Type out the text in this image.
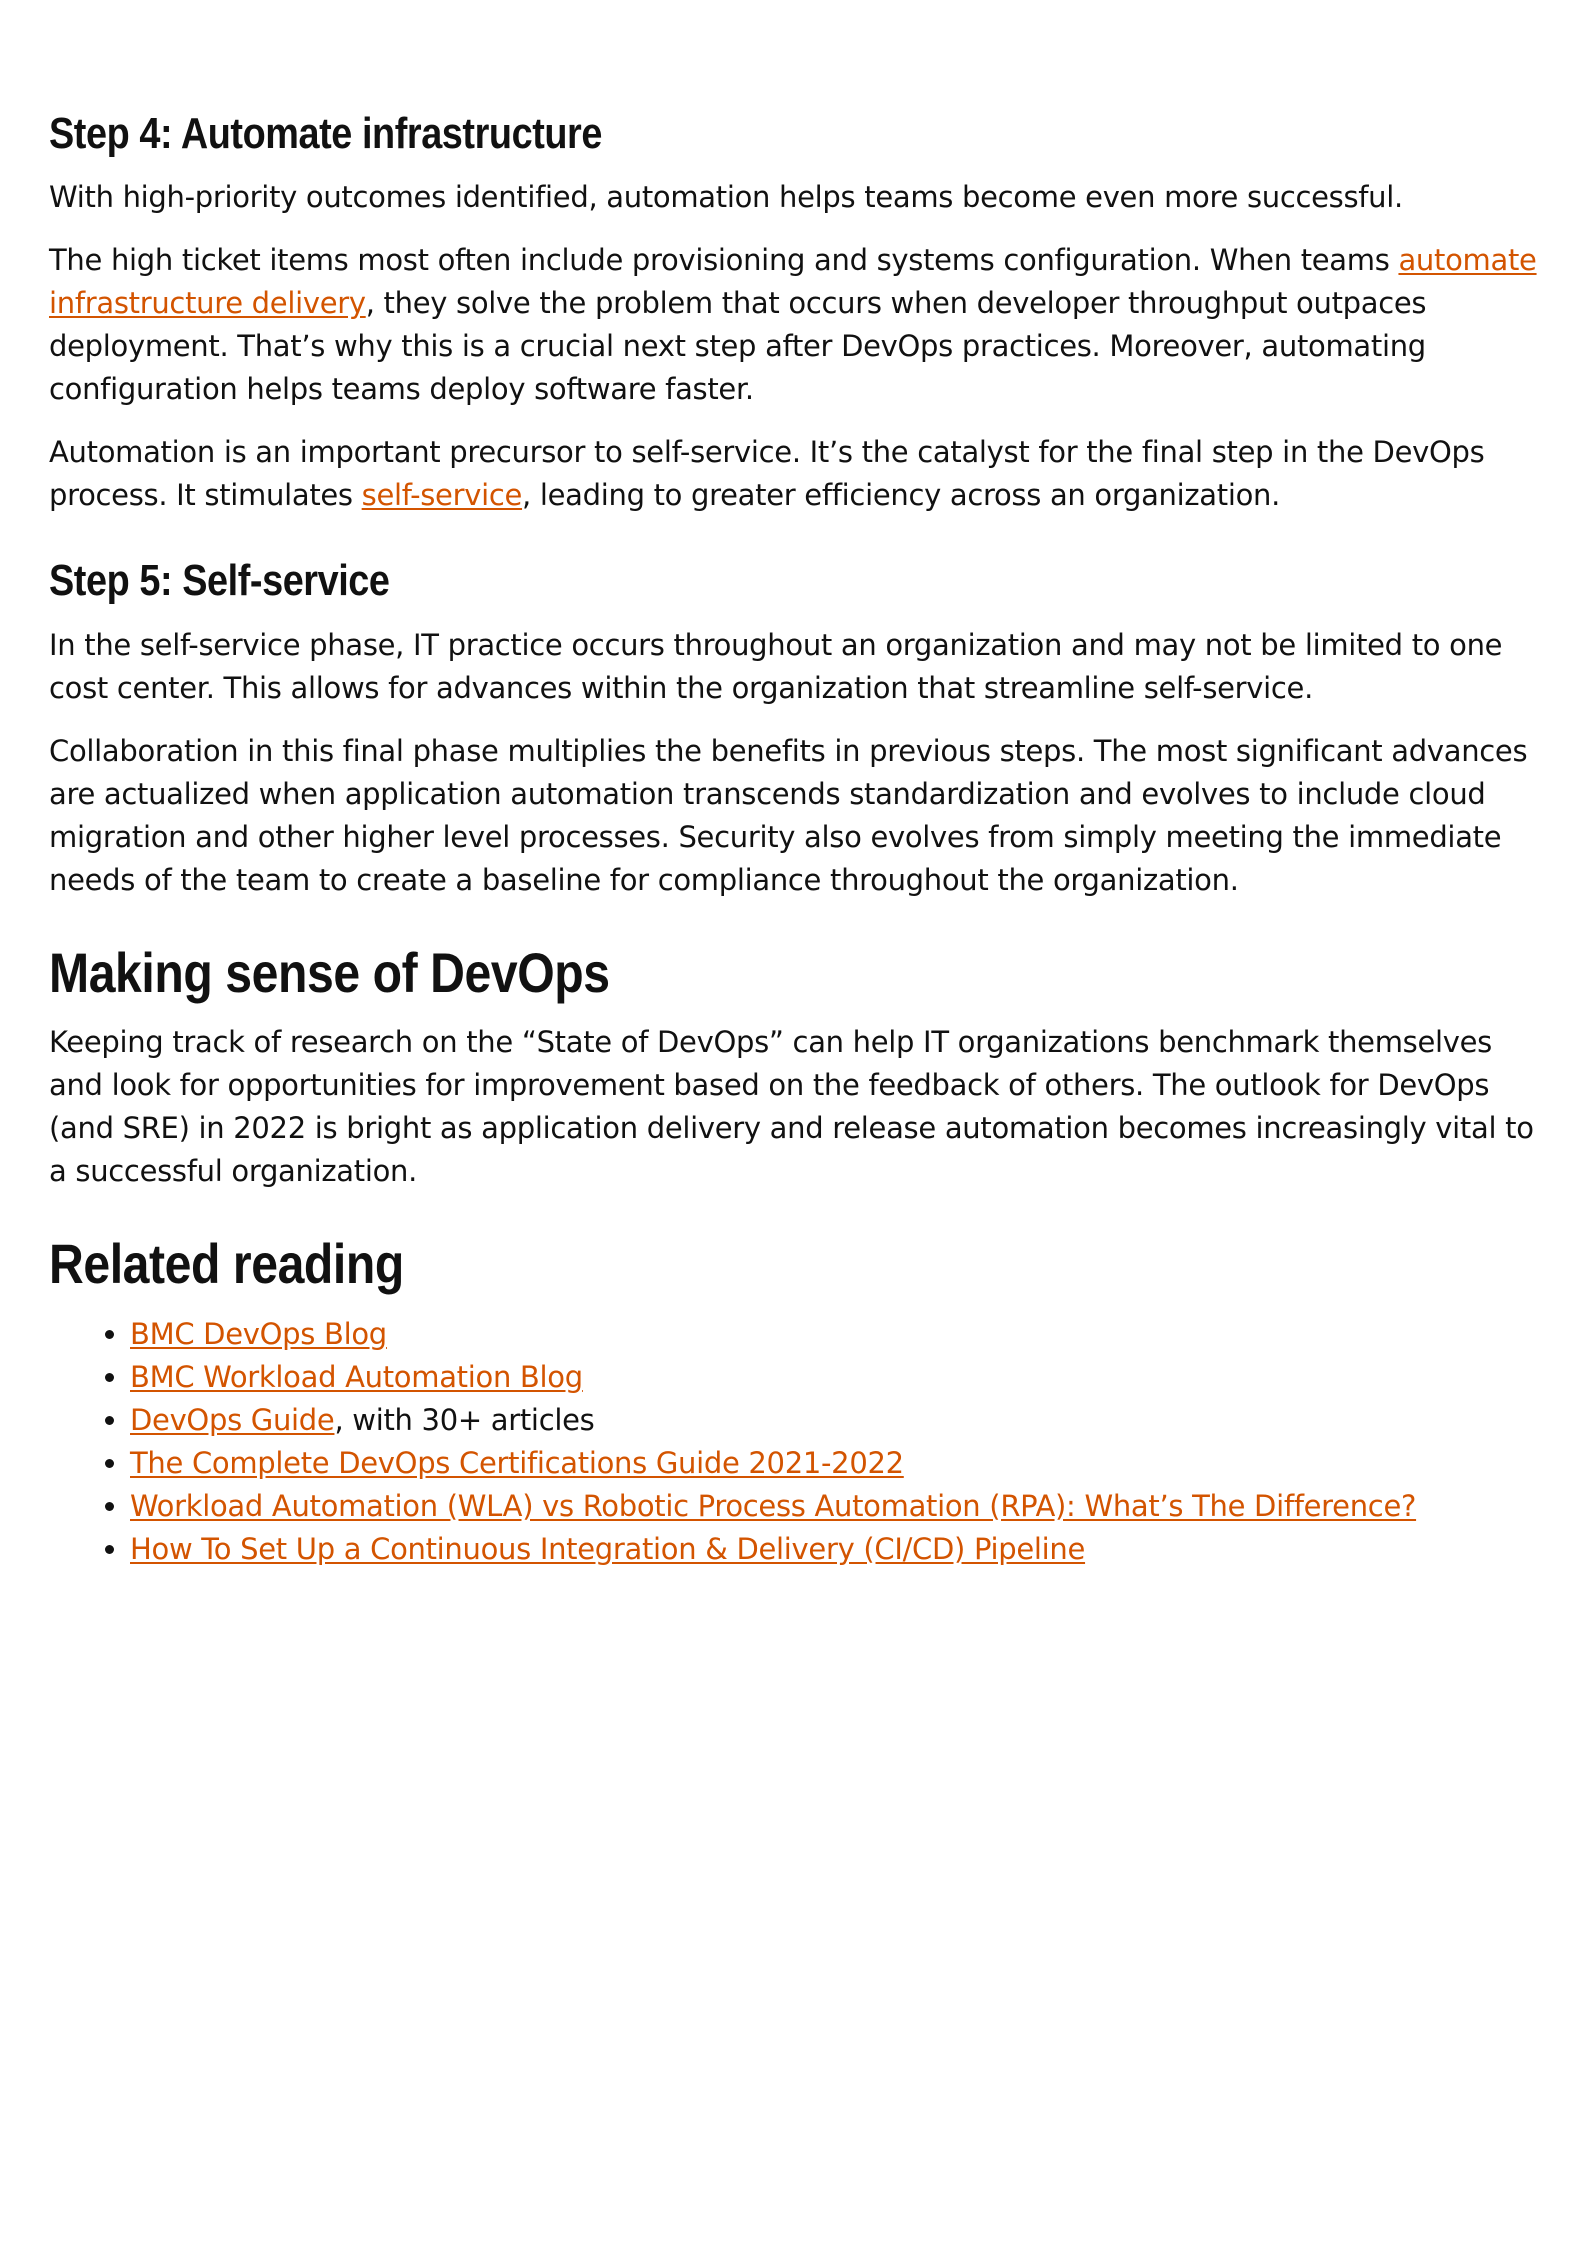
Step 4: Automate infrastructure

With high-priority outcomes identified, automation helps teams become even more successful.

The high ticket items most often include provisioning and systems configuration. When teams automate infrastructure delivery, they solve the problem that occurs when developer throughput outpaces deployment. That’s why this is a crucial next step after DevOps practices. Moreover, automating configuration helps teams deploy software faster.

Automation is an important precursor to self-service. It’s the catalyst for the final step in the DevOps process. It stimulates self-service, leading to greater efficiency across an organization.

Step 5: Self-service

In the self-service phase, IT practice occurs throughout an organization and may not be limited to one cost center. This allows for advances within the organization that streamline self-service.

Collaboration in this final phase multiplies the benefits in previous steps. The most significant advances are actualized when application automation transcends standardization and evolves to include cloud migration and other higher level processes. Security also evolves from simply meeting the immediate needs of the team to create a baseline for compliance throughout the organization.

Making sense of DevOps

Keeping track of research on the “State of DevOps” can help IT organizations benchmark themselves and look for opportunities for improvement based on the feedback of others. The outlook for DevOps (and SRE) in 2022 is bright as application delivery and release automation becomes increasingly vital to a successful organization.

Related reading
• BMC DevOps Blog
• BMC Workload Automation Blog
• DevOps Guide, with 30+ articles
• The Complete DevOps Certifications Guide 2021-2022
• Workload Automation (WLA) vs Robotic Process Automation (RPA): What’s The Difference?
• How To Set Up a Continuous Integration & Delivery (CI/CD) Pipeline
